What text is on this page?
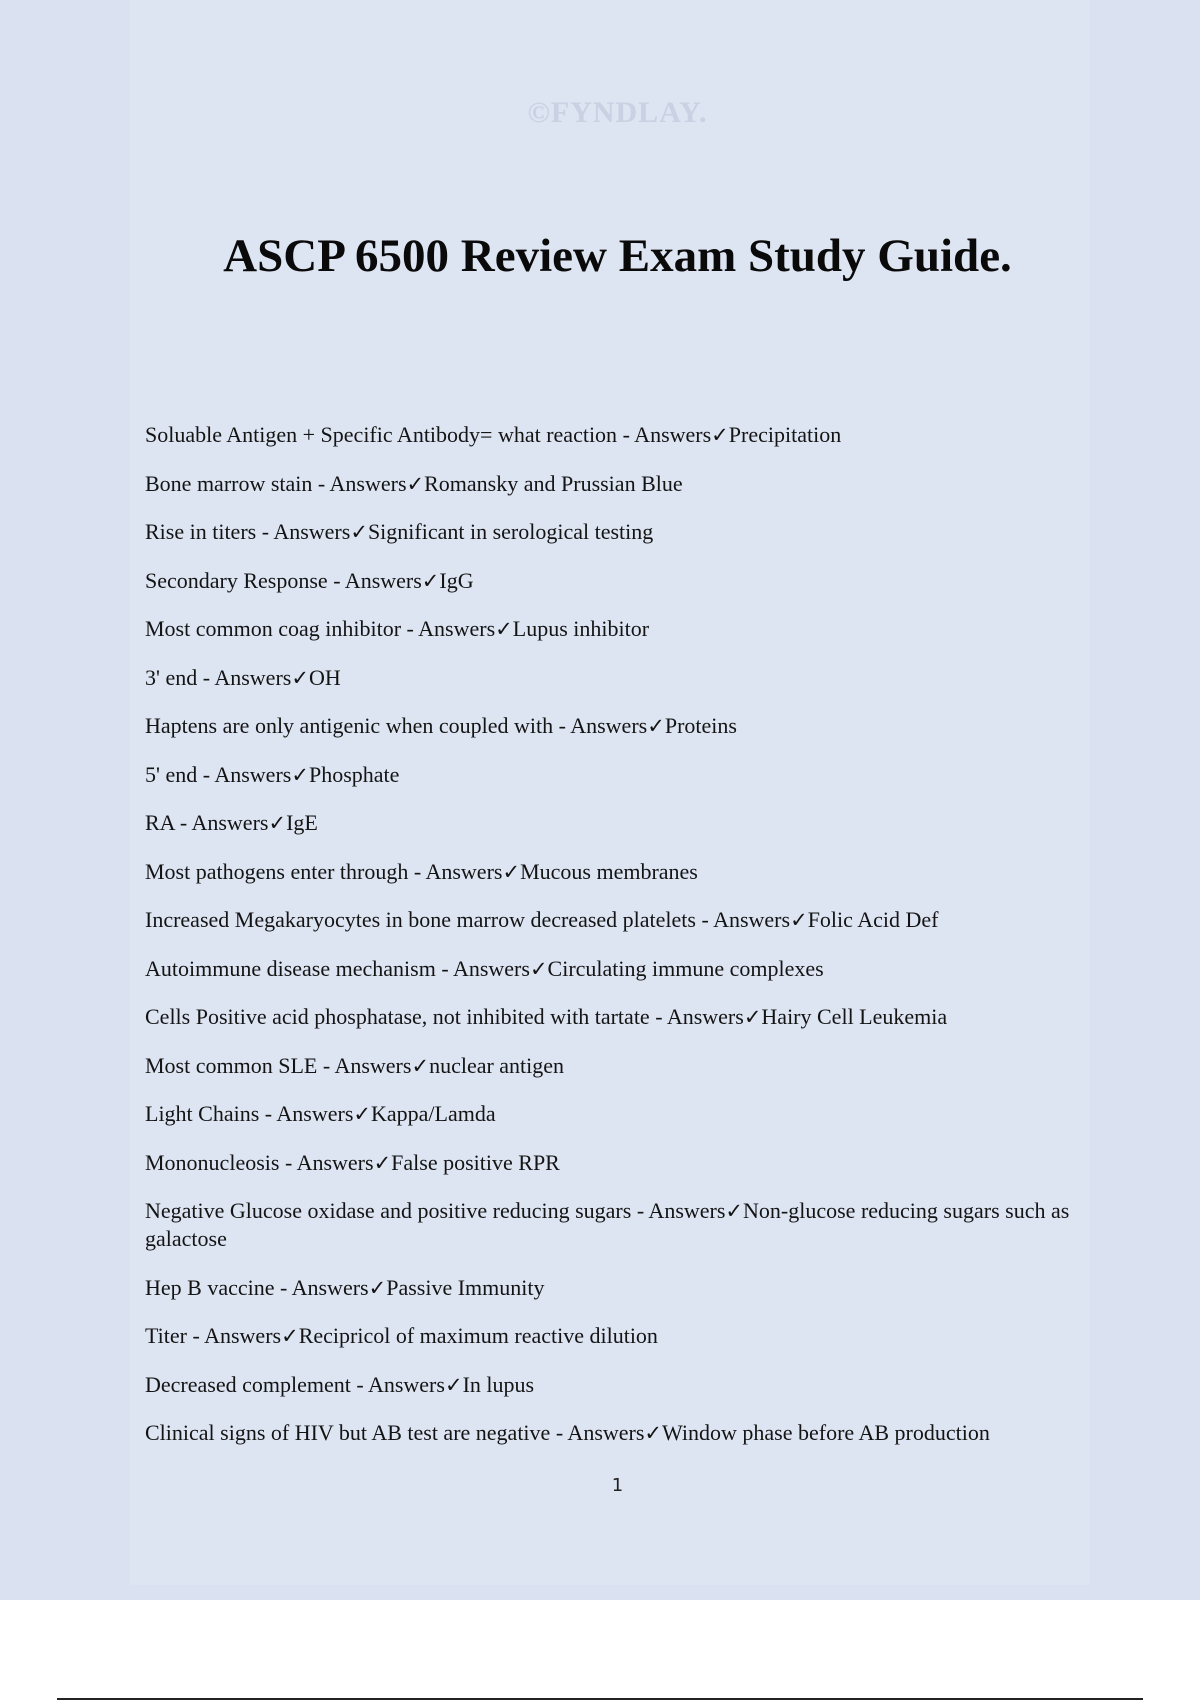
©FYNDLAY.
ASCP 6500 Review Exam Study Guide.
Soluable Antigen + Specific Antibody= what reaction - Answers✓Precipitation
Bone marrow stain - Answers✓Romansky and Prussian Blue
Rise in titers - Answers✓Significant in serological testing
Secondary Response - Answers✓IgG
Most common coag inhibitor - Answers✓Lupus inhibitor
3' end - Answers✓OH
Haptens are only antigenic when coupled with - Answers✓Proteins
5' end - Answers✓Phosphate
RA - Answers✓IgE
Most pathogens enter through - Answers✓Mucous membranes
Increased Megakaryocytes in bone marrow decreased platelets - Answers✓Folic Acid Def
Autoimmune disease mechanism - Answers✓Circulating immune complexes
Cells Positive acid phosphatase, not inhibited with tartate - Answers✓Hairy Cell Leukemia
Most common SLE - Answers✓nuclear antigen
Light Chains - Answers✓Kappa/Lamda
Mononucleosis - Answers✓False positive RPR
Negative Glucose oxidase and positive reducing sugars - Answers✓Non-glucose reducing sugars such as galactose
Hep B vaccine - Answers✓Passive Immunity
Titer - Answers✓Recipricol of maximum reactive dilution
Decreased complement - Answers✓In lupus
Clinical signs of HIV but AB test are negative - Answers✓Window phase before AB production
1
